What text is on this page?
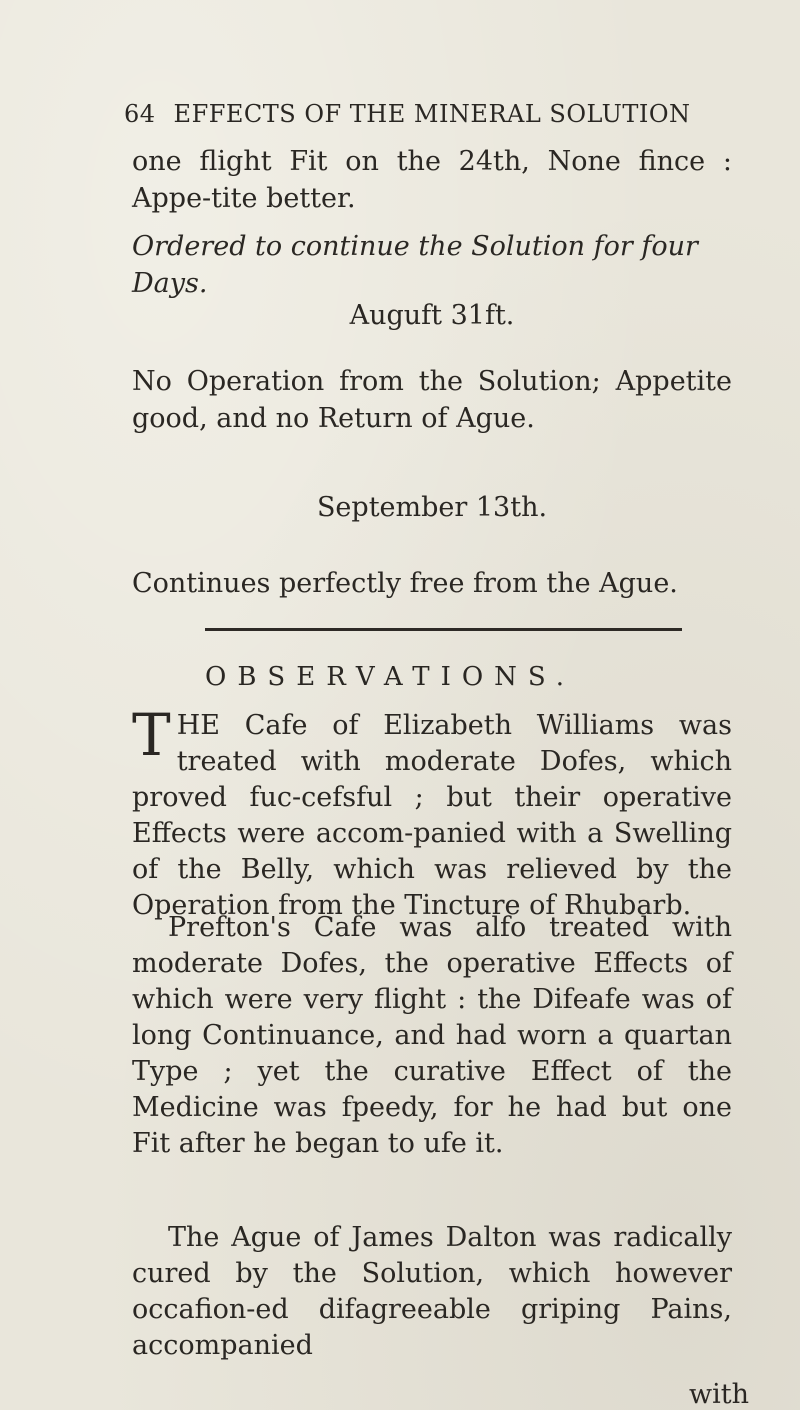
64 EFFECTS OF THE MINERAL SOLUTION

one flight Fit on the 24th, None fince : Appe-tite better.

Ordered to continue the Solution for four Days.

Auguft 31ft.

No Operation from the Solution; Appetite good, and no Return of Ague.

September 13th.

Continues perfectly free from the Ague.

OBSERVATIONS.

THE Cafe of Elizabeth Williams was treated with moderate Dofes, which proved fuc-cefsful ; but their operative Effects were accom-panied with a Swelling of the Belly, which was relieved by the Operation from the Tincture of Rhubarb.

Prefton's Cafe was alfo treated with moderate Dofes, the operative Effects of which were very flight : the Difeafe was of long Continuance, and had worn a quartan Type ; yet the curative Effect of the Medicine was fpeedy, for he had but one Fit after he began to ufe it.

The Ague of James Dalton was radically cured by the Solution, which however occafion-ed difagreeable griping Pains, accompanied

with
